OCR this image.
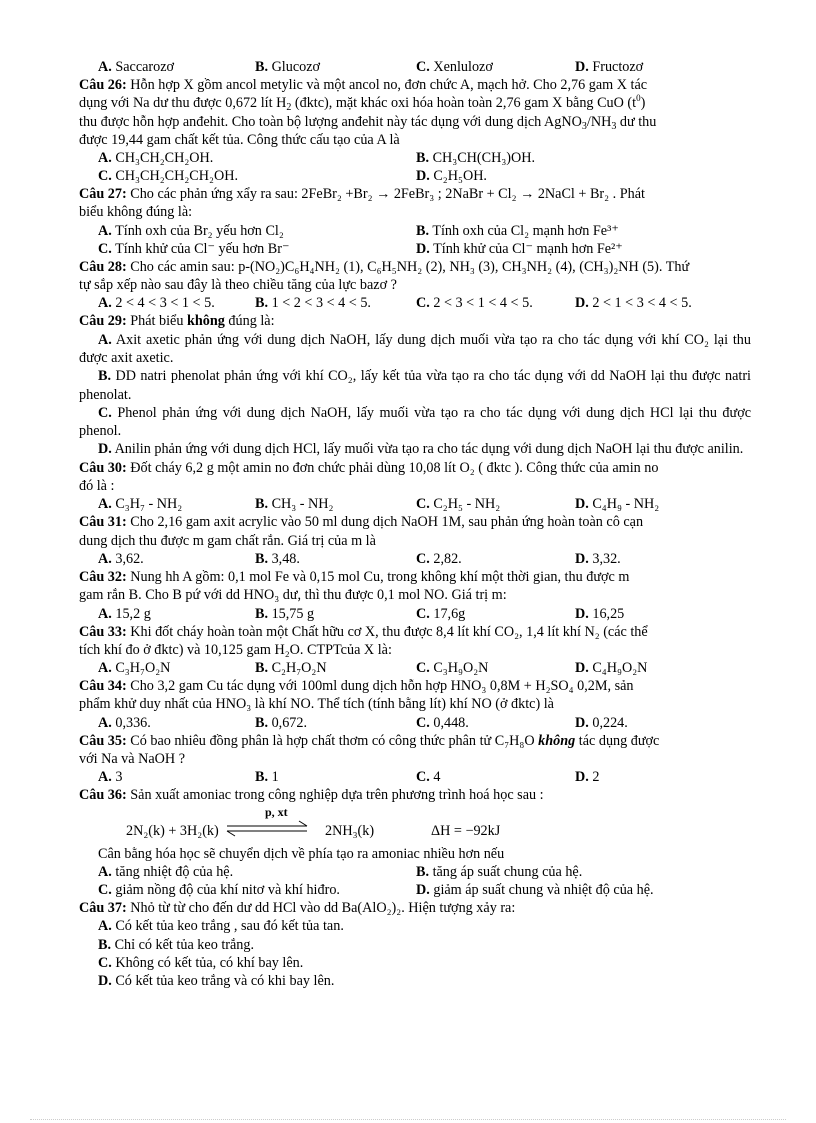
A. Saccarozơ	B. Glucozơ	C. Xenlulozơ	D. Fructozơ
Câu 26: Hỗn hợp X gồm ancol metylic và một ancol no, đơn chức A, mạch hở. Cho 2,76 gam X tác
dụng với Na dư thu được 0,672 lít $H_2$ (đktc), mặt khác oxi hóa hoàn toàn 2,76 gam X bằng CuO $(t^0)$
thu được hỗn hợp anđehit. Cho toàn bộ lượng anđehit này tác dụng với dung dịch $AgNO_3/NH_3$ dư thu
được 19,44 gam chất kết tủa. Công thức cấu tạo của A là
A. CH₃CH₂CH₂OH.	B. CH₃CH(CH₃)OH.
C. CH₃CH₂CH₂CH₂OH.	D. C₂H₅OH.
Câu 27: Cho các phản ứng xẩy ra sau: 2FeBr₂ +Br₂ → 2FeBr₃ ; 2NaBr + Cl₂ → 2NaCl + Br₂ . Phát
biểu không đúng là:
A. Tính oxh của Br₂ yếu hơn Cl₂	B. Tính oxh của Cl₂ mạnh hơn Fe³⁺
C. Tính khử của Cl⁻ yếu hơn Br⁻	D. Tính khử của Cl⁻ mạnh hơn Fe²⁺
Câu 28: Cho các amin sau: p-(NO₂)C₆H₄NH₂ (1), C₆H₅NH₂ (2), NH₃ (3), CH₃NH₂ (4), (CH₃)₂NH (5). Thứ
tự sắp xếp nào sau đây là theo chiều tăng của lực bazơ ?
A. 2 < 4 < 3 < 1 < 5.	B. 1 < 2 < 3 < 4 < 5.	C. 2 < 3 < 1 < 4 < 5.	D. 2 < 1 < 3 < 4 < 5.
Câu 29: Phát biểu không đúng là:
A. Axit axetic phản ứng với dung dịch NaOH, lấy dung dịch muối vừa tạo ra cho tác dụng với khí CO₂ lại thu được axit axetic.
B. DD natri phenolat phản ứng với khí CO₂, lấy kết tủa vừa tạo ra cho tác dụng với dd NaOH lại thu được natri phenolat.
C. Phenol phản ứng với dung dịch NaOH, lấy muối vừa tạo ra cho tác dụng với dung dịch HCl lại thu được phenol.
D. Anilin phản ứng với dung dịch HCl, lấy muối vừa tạo ra cho tác dụng với dung dịch NaOH lại thu được anilin.
Câu 30: Đốt cháy 6,2 g một amin no đơn chức phải dùng 10,08 lít O₂ ( đktc ). Công thức của amin no
đó là :
A. C₃H₇ - NH₂	B. CH₃ - NH₂	C. C₂H₅ - NH₂	D. C₄H₉ - NH₂
Câu 31: Cho 2,16 gam axit acrylic vào 50 ml dung dịch NaOH 1M, sau phản ứng hoàn toàn cô cạn
dung dịch thu được m gam chất rắn. Giá trị của m là
A. 3,62.	B. 3,48.	C. 2,82.	D. 3,32.
Câu 32: Nung hh A gồm: 0,1 mol Fe và 0,15 mol Cu, trong không khí một thời gian, thu được m
gam rắn B. Cho B pứ với dd HNO₃ dư, thì thu được 0,1 mol NO. Giá trị m:
A. 15,2 g	B. 15,75 g	C. 17,6g	D. 16,25
Câu 33: Khi đốt cháy hoàn toàn một Chất hữu cơ X, thu được 8,4 lít khí CO₂, 1,4 lít khí N₂ (các thể
tích khí đo ở đktc) và 10,125 gam H₂O. CTPTcủa X là:
A. C₃H₇O₂N	B. C₂H₇O₂N	C. C₃H₉O₂N	D. C₄H₉O₂N
Câu 34: Cho 3,2 gam Cu tác dụng với 100ml dung dịch hỗn hợp HNO₃ 0,8M + H₂SO₄ 0,2M, sản
phẩm khử duy nhất của HNO₃ là khí NO. Thể tích (tính bằng lít) khí NO (ở đktc) là
A. 0,336.	B. 0,672.	C. 0,448.	D. 0,224.
Câu 35: Có bao nhiêu đồng phân là hợp chất thơm có công thức phân tử C₇H₈O không tác dụng được
với Na và NaOH ?
A. 3	B. 1	C. 4	D. 2
Câu 36: Sản xuất amoniac trong công nghiệp dựa trên phương trình hoá học sau :
2N₂(k) + 3H₂(k)
p, xt
2NH₃(k)	ΔH = −92kJ
Cân bằng hóa học sẽ chuyển dịch về phía tạo ra amoniac nhiều hơn nếu
A. tăng nhiệt độ của hệ.	B. tăng áp suất chung của hệ.
C. giảm nồng độ của khí nitơ và khí hiđro.	D. giảm áp suất chung và nhiệt độ của hệ.
Câu 37: Nhỏ từ từ cho đến dư dd HCl vào dd Ba(AlO₂)₂. Hiện tượng xảy ra:
A. Có kết tủa keo trắng , sau đó kết tủa tan.
B. Chỉ có kết tủa keo trắng.
C. Không có kết tủa, có khí bay lên.
D. Có kết tủa keo trắng và có khi bay lên.
